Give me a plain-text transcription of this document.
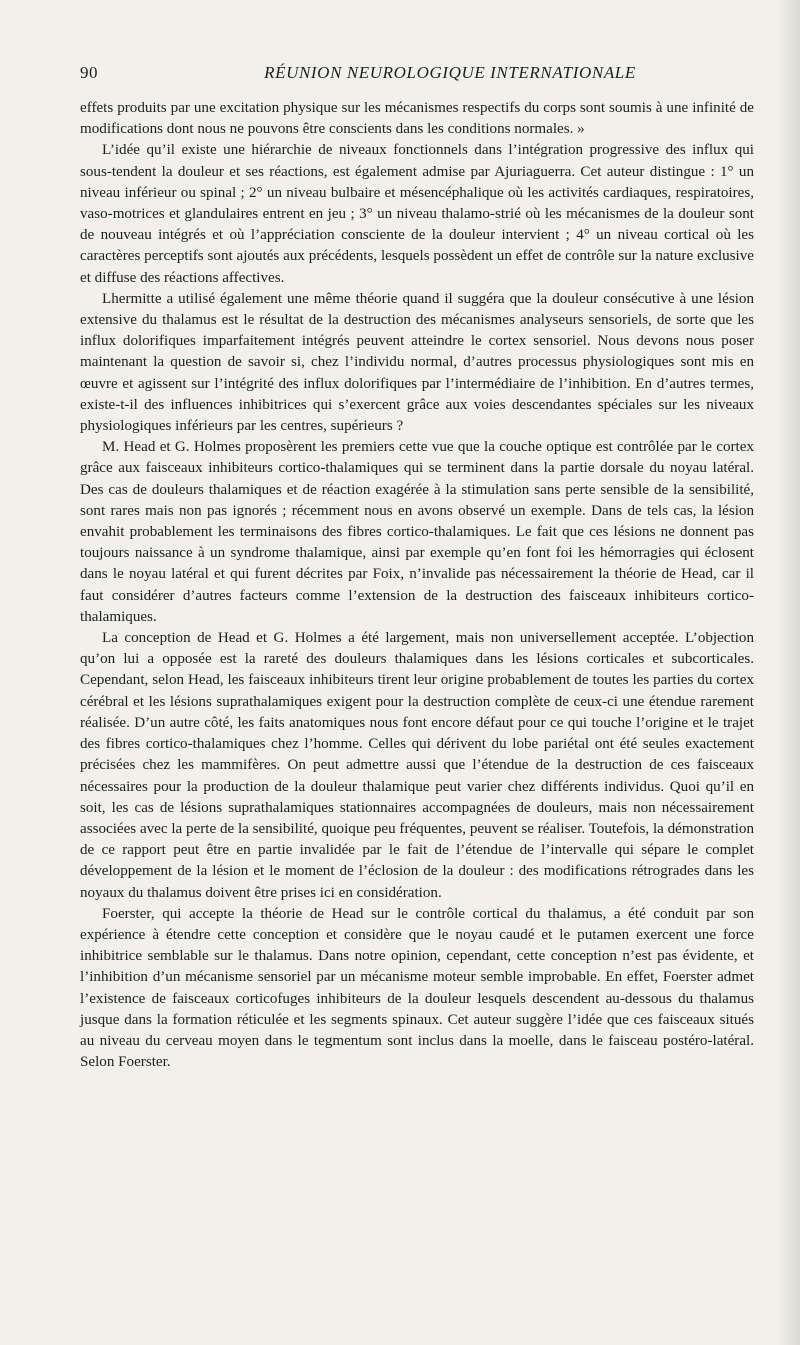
90	RÉUNION NEUROLOGIQUE INTERNATIONALE

effets produits par une excitation physique sur les mécanismes respectifs du corps sont soumis à une infinité de modifications dont nous ne pouvons être conscients dans les conditions normales. »

L’idée qu’il existe une hiérarchie de niveaux fonctionnels dans l’intégration progressive des influx qui sous-tendent la douleur et ses réactions, est également admise par Ajuriaguerra. Cet auteur distingue : 1° un niveau inférieur ou spinal ; 2° un niveau bulbaire et mésencéphalique où les activités cardiaques, respiratoires, vaso-motrices et glandulaires entrent en jeu ; 3° un niveau thalamo-strié où les mécanismes de la douleur sont de nouveau intégrés et où l’appréciation consciente de la douleur intervient ; 4° un niveau cortical où les caractères perceptifs sont ajoutés aux précédents, lesquels possèdent un effet de contrôle sur la nature exclusive et diffuse des réactions affectives.

Lhermitte a utilisé également une même théorie quand il suggéra que la douleur consécutive à une lésion extensive du thalamus est le résultat de la destruction des mécanismes analyseurs sensoriels, de sorte que les influx dolorifiques imparfaitement intégrés peuvent atteindre le cortex sensoriel. Nous devons nous poser maintenant la question de savoir si, chez l’individu normal, d’autres processus physiologiques sont mis en œuvre et agissent sur l’intégrité des influx dolorifiques par l’intermédiaire de l’inhibition. En d’autres termes, existe-t-il des influences inhibitrices qui s’exercent grâce aux voies descendantes spéciales sur les niveaux physiologiques inférieurs par les centres, supérieurs ?

M. Head et G. Holmes proposèrent les premiers cette vue que la couche optique est contrôlée par le cortex grâce aux faisceaux inhibiteurs cortico-thalamiques qui se terminent dans la partie dorsale du noyau latéral. Des cas de douleurs thalamiques et de réaction exagérée à la stimulation sans perte sensible de la sensibilité, sont rares mais non pas ignorés ; récemment nous en avons observé un exemple. Dans de tels cas, la lésion envahit probablement les terminaisons des fibres cortico-thalamiques. Le fait que ces lésions ne donnent pas toujours naissance à un syndrome thalamique, ainsi par exemple qu’en font foi les hémorragies qui éclosent dans le noyau latéral et qui furent décrites par Foix, n’invalide pas nécessairement la théorie de Head, car il faut considérer d’autres facteurs comme l’extension de la destruction des faisceaux inhibiteurs cortico-thalamiques.

La conception de Head et G. Holmes a été largement, mais non universellement acceptée. L’objection qu’on lui a opposée est la rareté des douleurs thalamiques dans les lésions corticales et subcorticales. Cependant, selon Head, les faisceaux inhibiteurs tirent leur origine probablement de toutes les parties du cortex cérébral et les lésions suprathalamiques exigent pour la destruction complète de ceux-ci une étendue rarement réalisée. D’un autre côté, les faits anatomiques nous font encore défaut pour ce qui touche l’origine et le trajet des fibres cortico-thalamiques chez l’homme. Celles qui dérivent du lobe pariétal ont été seules exactement précisées chez les mammifères. On peut admettre aussi que l’étendue de la destruction de ces faisceaux nécessaires pour la production de la douleur thalamique peut varier chez différents individus. Quoi qu’il en soit, les cas de lésions suprathalamiques stationnaires accompagnées de douleurs, mais non nécessairement associées avec la perte de la sensibilité, quoique peu fréquentes, peuvent se réaliser. Toutefois, la démonstration de ce rapport peut être en partie invalidée par le fait de l’étendue de l’intervalle qui sépare le complet développement de la lésion et le moment de l’éclosion de la douleur : des modifications rétrogrades dans les noyaux du thalamus doivent être prises ici en considération.

Foerster, qui accepte la théorie de Head sur le contrôle cortical du thalamus, a été conduit par son expérience à étendre cette conception et considère que le noyau caudé et le putamen exercent une force inhibitrice semblable sur le thalamus. Dans notre opinion, cependant, cette conception n’est pas évidente, et l’inhibition d’un mécanisme sensoriel par un mécanisme moteur semble improbable. En effet, Foerster admet l’existence de faisceaux corticofuges inhibiteurs de la douleur lesquels descendent au-dessous du thalamus jusque dans la formation réticulée et les segments spinaux. Cet auteur suggère l’idée que ces faisceaux situés au niveau du cerveau moyen dans le tegmentum sont inclus dans la moelle, dans le faisceau postéro-latéral. Selon Foerster.
